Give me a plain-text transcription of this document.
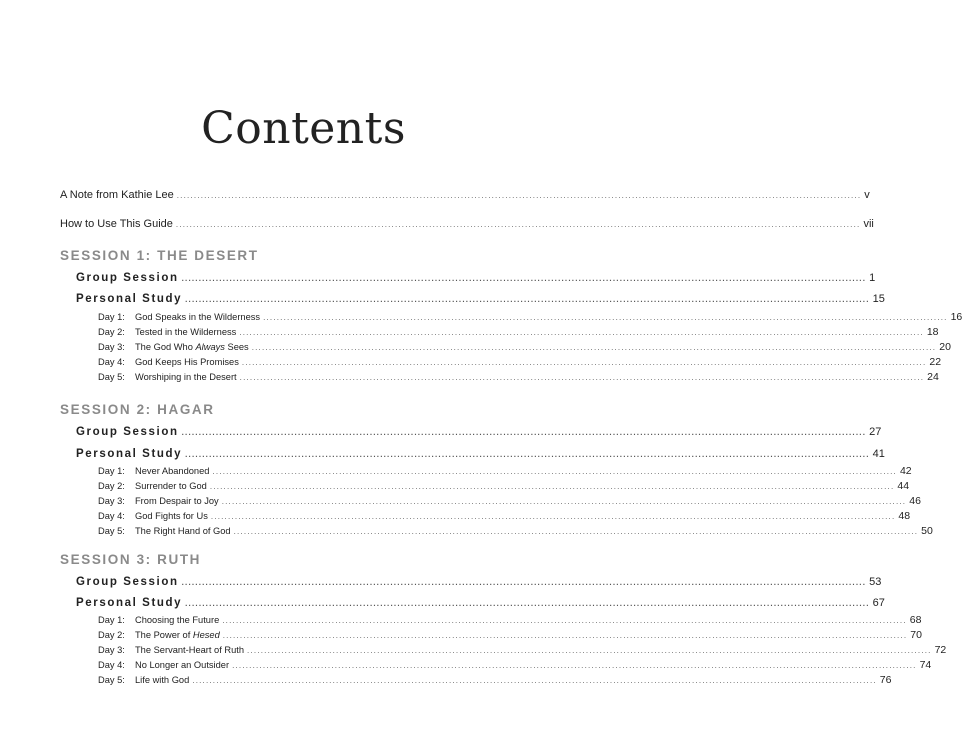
Contents
A Note from Kathie Lee ........................................................................................................................................................................................................ v
How to Use This Guide ........................................................................................................................................................................................................ vii
SESSION 1: THE DESERT
Group Session ........................................................................................................................................................................................................ 1
Personal Study ........................................................................................................................................................................................................ 15
Day 1: God Speaks in the Wilderness ........................................................................................................................................................................................................ 16
Day 2: Tested in the Wilderness ........................................................................................................................................................................................................ 18
Day 3: The God Who Always Sees ........................................................................................................................................................................................................ 20
Day 4: God Keeps His Promises ........................................................................................................................................................................................................ 22
Day 5: Worshiping in the Desert ........................................................................................................................................................................................................ 24
SESSION 2: HAGAR
Group Session ........................................................................................................................................................................................................ 27
Personal Study ........................................................................................................................................................................................................ 41
Day 1: Never Abandoned ........................................................................................................................................................................................................ 42
Day 2: Surrender to God ........................................................................................................................................................................................................ 44
Day 3: From Despair to Joy ........................................................................................................................................................................................................ 46
Day 4: God Fights for Us ........................................................................................................................................................................................................ 48
Day 5: The Right Hand of God ........................................................................................................................................................................................................ 50
SESSION 3: RUTH
Group Session ........................................................................................................................................................................................................ 53
Personal Study ........................................................................................................................................................................................................ 67
Day 1: Choosing the Future ........................................................................................................................................................................................................ 68
Day 2: The Power of Hesed ........................................................................................................................................................................................................ 70
Day 3: The Servant-Heart of Ruth ........................................................................................................................................................................................................ 72
Day 4: No Longer an Outsider ........................................................................................................................................................................................................ 74
Day 5: Life with God ........................................................................................................................................................................................................ 76
